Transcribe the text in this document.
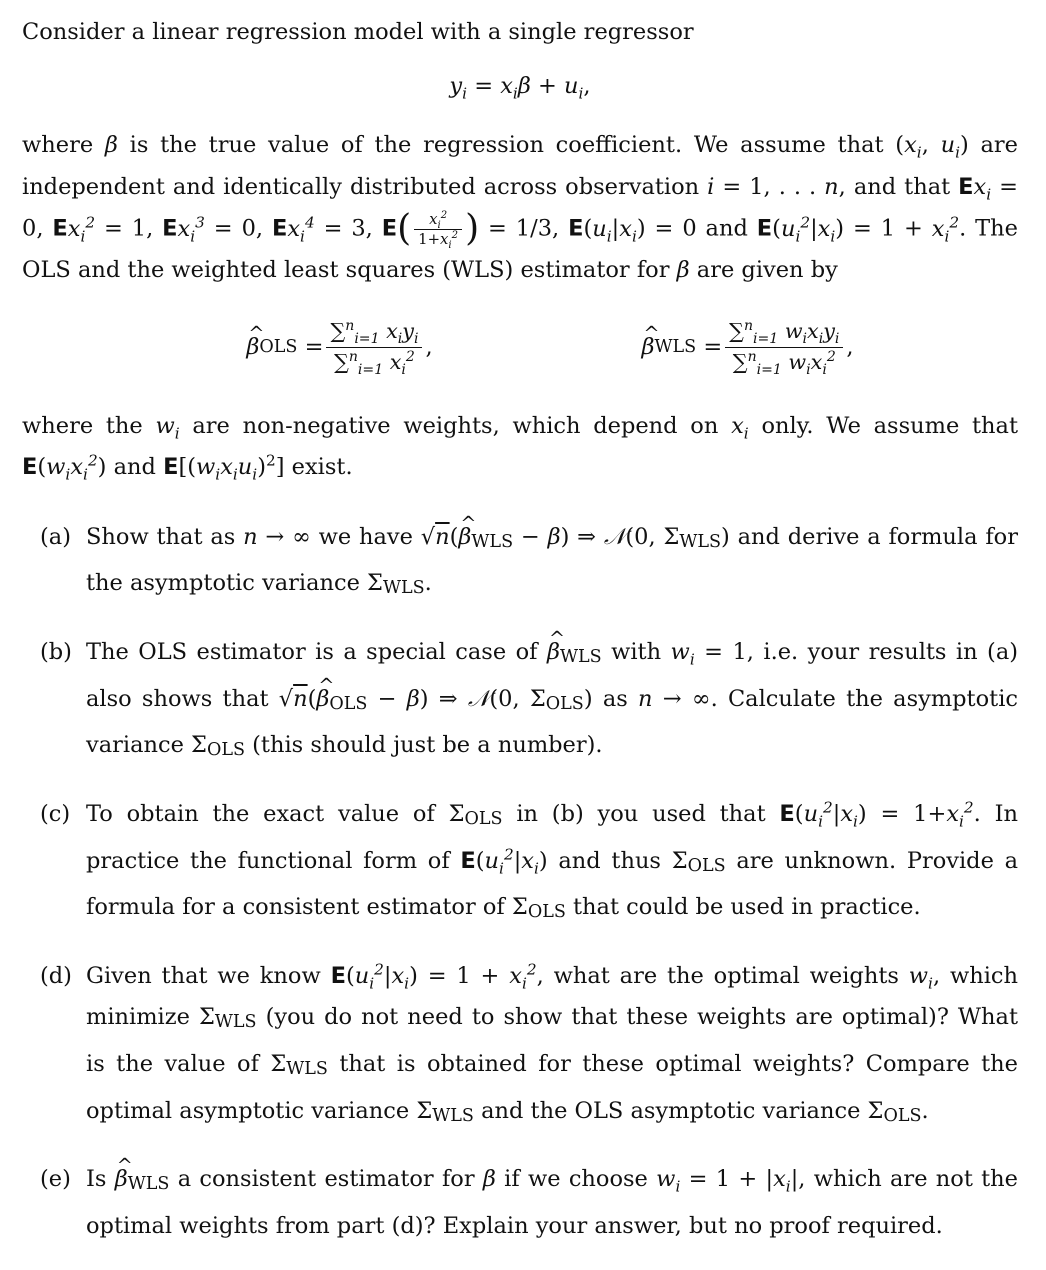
Consider a linear regression model with a single regressor

$y_i = x_i\beta + u_i$,

where β is the true value of the regression coefficient. We assume that ($x_i$, $u_i$) are independent and identically distributed across observation i = 1, . . . n, and that $Ex_i = 0$, $Ex_i^2 = 1$, $Ex_i^3 = 0$, $Ex_i^4 = 3$, $E( \frac{x_i^2}{1+x_i^2}$ ) = 1/3, $E(u_i|x_i) = 0$ and $E(u_i^2|x_i) = 1 + x_i^2$. The OLS and the weighted least squares (WLS) estimator for β are given by

^ β OLS
= $\frac{\sum^n_{i=1} x_iy_i}{\sum^n_{i=1} x_i^2}$ ,	^ β WLS
= $\frac{\sum^n_{i=1} w_ix_iy_i}{\sum^n_{i=1} w_ix_i^2}$ ,

where the $w_i$ are non-negative weights, which depend on $x_i$ only. We assume that $E(w_ix_i^2)$ and $E[(w_ix_iu_i)^2]$ exist.

(a) Show that as n → ∞ we have √n(^ βWLS − β) ⇒ 𝒩(0, ΣWLS) and derive a formula for the asymptotic variance ΣWLS.
(b) The OLS estimator is a special case of ^ βWLS with $w_i = 1$, i.e. your results in (a) also shows that √n(^ βOLS − β) ⇒ 𝒩(0, ΣOLS) as n → ∞. Calculate the asymptotic variance ΣOLS (this should just be a number).
(c) To obtain the exact value of ΣOLS in (b) you used that $E(u_i^2|x_i) = 1+x_i^2$. In practice the functional form of $E(u_i^2|x_i)$ and thus ΣOLS are unknown. Provide a formula for a consistent estimator of ΣOLS that could be used in practice.
(d) Given that we know $E(u_i^2|x_i) = 1 + x_i^2$, what are the optimal weights $w_i$, which minimize ΣWLS (you do not need to show that these weights are optimal)? What is the value of ΣWLS that is obtained for these optimal weights? Compare the optimal asymptotic variance ΣWLS and the OLS asymptotic variance ΣOLS.
(e) Is ^ βWLS a consistent estimator for β if we choose $w_i = 1 + |x_i|$, which are not the optimal weights from part (d)? Explain your answer, but no proof required.
